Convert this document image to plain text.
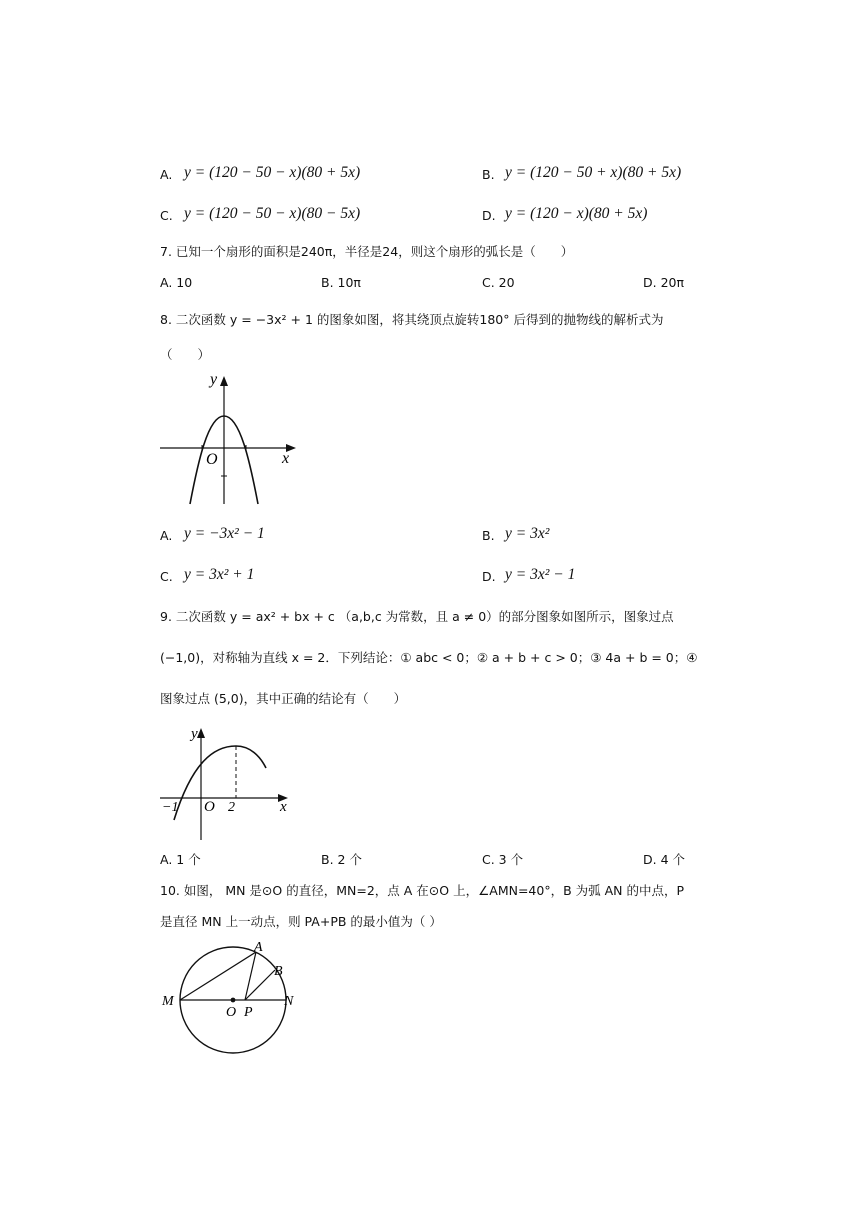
A. y = (120 − 50 − x)(80 + 5x)	B. y = (120 − 50 + x)(80 + 5x)
C. y = (120 − 50 − x)(80 − 5x)	D. y = (120 − x)(80 + 5x)
7. 已知一个扇形的面积是240π，半径是24，则这个扇形的弧长是（　　）
A. 10	B. 10π	C. 20	D. 20π
8. 二次函数 y = −3x² + 1 的图象如图，将其绕顶点旋转180° 后得到的抛物线的解析式为
（　　）
y
x
O
A. y = −3x² − 1	B. y = 3x²
C. y = 3x² + 1	D. y = 3x² − 1
9. 二次函数 y = ax² + bx + c （a,b,c 为常数，且 a ≠ 0）的部分图象如图所示，图象过点
(−1,0)，对称轴为直线 x = 2．下列结论：① abc < 0；② a + b + c > 0；③ 4a + b = 0；④
图象过点 (5,0)，其中正确的结论有（　　）
y
x
O
−1	2
A. 1 个	B. 2 个	C. 3 个	D. 4 个
10. 如图， MN 是⊙O 的直径，MN=2，点 A 在⊙O 上，∠AMN=40°，B 为弧 AN 的中点，P
是直径 MN 上一动点，则 PA+PB 的最小值为（ ）
A
B
M	N
O P
